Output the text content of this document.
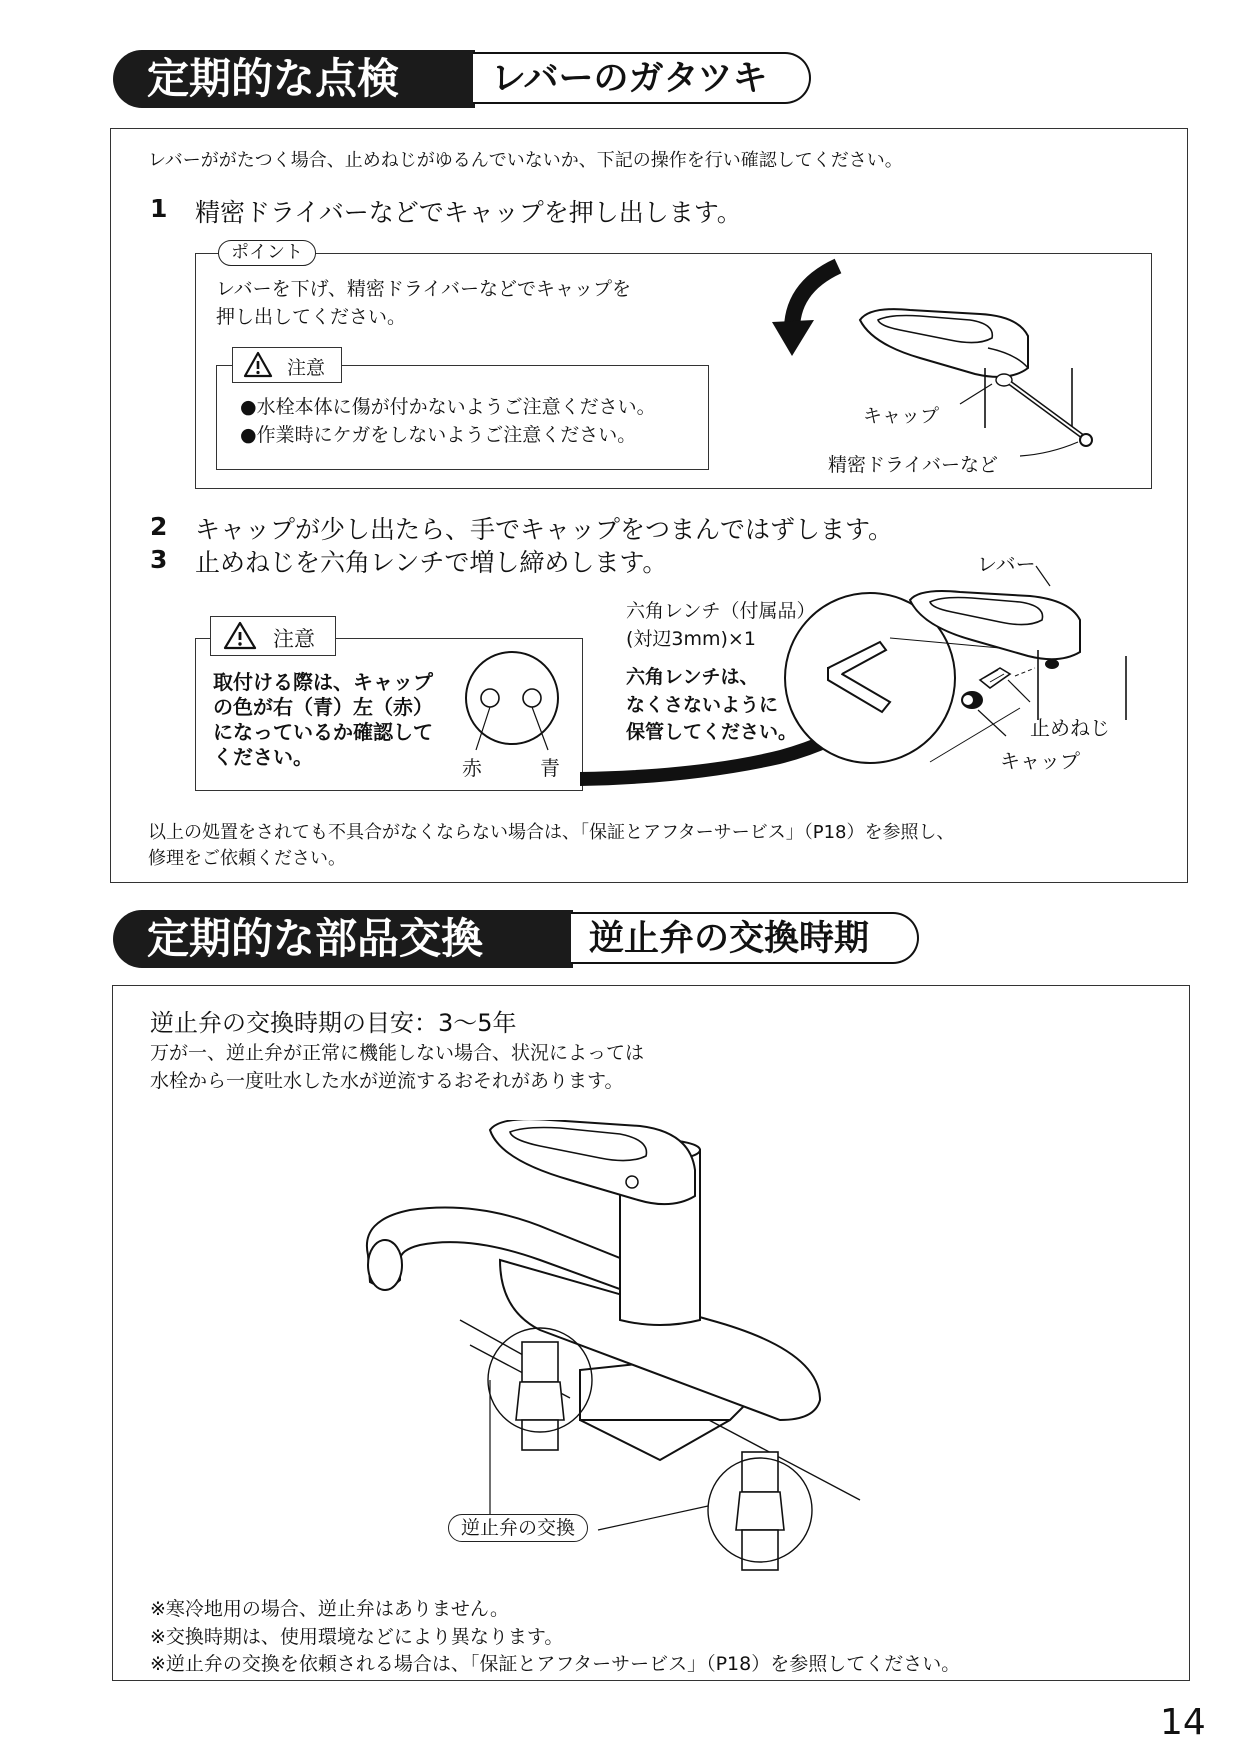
定期的な点検	レバーのガタツキ
レバーががたつく場合、止めねじがゆるんでいないか、下記の操作を行い確認してください。
1 精密ドライバーなどでキャップを押し出します。
ポイント
レバーを下げ、精密ドライバーなどでキャップを
押し出してください。
注意
●水栓本体に傷が付かないようご注意ください。
●作業時にケガをしないようご注意ください。
キャップ
精密ドライバーなど
2 キャップが少し出たら、手でキャップをつまんではずします。
3 止めねじを六角レンチで増し締めします。
注意
取付ける際は、キャップ
の色が右（青）左（赤）
になっているか確認して
ください。	赤	青
六角レンチ（付属品）
(対辺3mm)×1
六角レンチは、
なくさないように
保管してください。
レバー
止めねじ
キャップ
以上の処置をされても不具合がなくならない場合は、「保証とアフターサービス」（P18）を参照し、
修理をご依頼ください。
定期的な部品交換	逆止弁の交換時期
逆止弁の交換時期の目安：3～5年
万が一、逆止弁が正常に機能しない場合、状況によっては
水栓から一度吐水した水が逆流するおそれがあります。
逆止弁の交換
※寒冷地用の場合、逆止弁はありません。
※交換時期は、使用環境などにより異なります。
※逆止弁の交換を依頼される場合は、「保証とアフターサービス」（P18）を参照してください。
14
